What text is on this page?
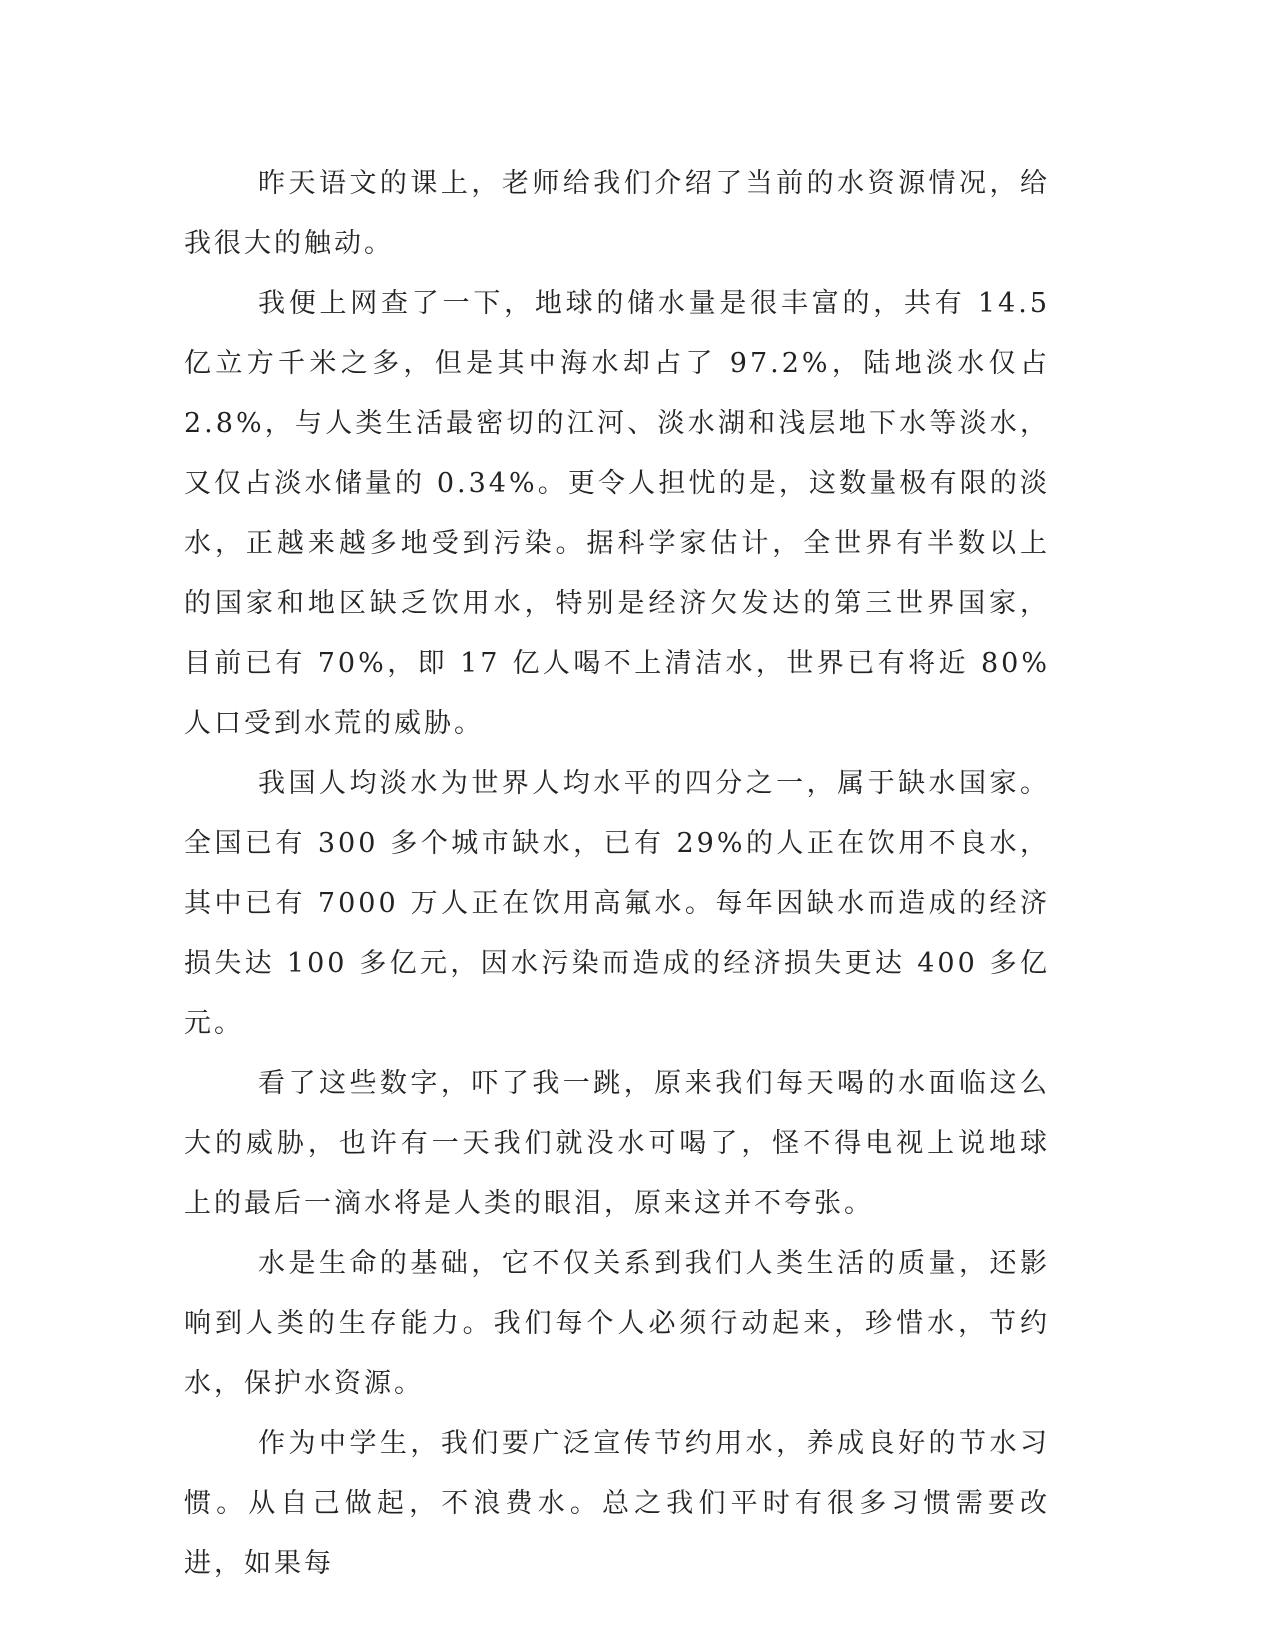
昨天语文的课上，老师给我们介绍了当前的水资源情况，给我很大的触动。

我便上网查了一下，地球的储水量是很丰富的，共有 14.5 亿立方千米之多，但是其中海水却占了 97.2%，陆地淡水仅占 2.8%，与人类生活最密切的江河、淡水湖和浅层地下水等淡水，又仅占淡水储量的 0.34%。更令人担忧的是，这数量极有限的淡水，正越来越多地受到污染。据科学家估计，全世界有半数以上的国家和地区缺乏饮用水，特别是经济欠发达的第三世界国家，目前已有 70%，即 17 亿人喝不上清洁水，世界已有将近 80%人口受到水荒的威胁。

我国人均淡水为世界人均水平的四分之一，属于缺水国家。全国已有 300 多个城市缺水，已有 29%的人正在饮用不良水，其中已有 7000 万人正在饮用高氟水。每年因缺水而造成的经济损失达 100 多亿元，因水污染而造成的经济损失更达 400 多亿元。

看了这些数字，吓了我一跳，原来我们每天喝的水面临这么大的威胁，也许有一天我们就没水可喝了，怪不得电视上说地球上的最后一滴水将是人类的眼泪，原来这并不夸张。

水是生命的基础，它不仅关系到我们人类生活的质量，还影响到人类的生存能力。我们每个人必须行动起来，珍惜水，节约水，保护水资源。

作为中学生，我们要广泛宣传节约用水，养成良好的节水习惯。从自己做起，不浪费水。总之我们平时有很多习惯需要改进，如果每
